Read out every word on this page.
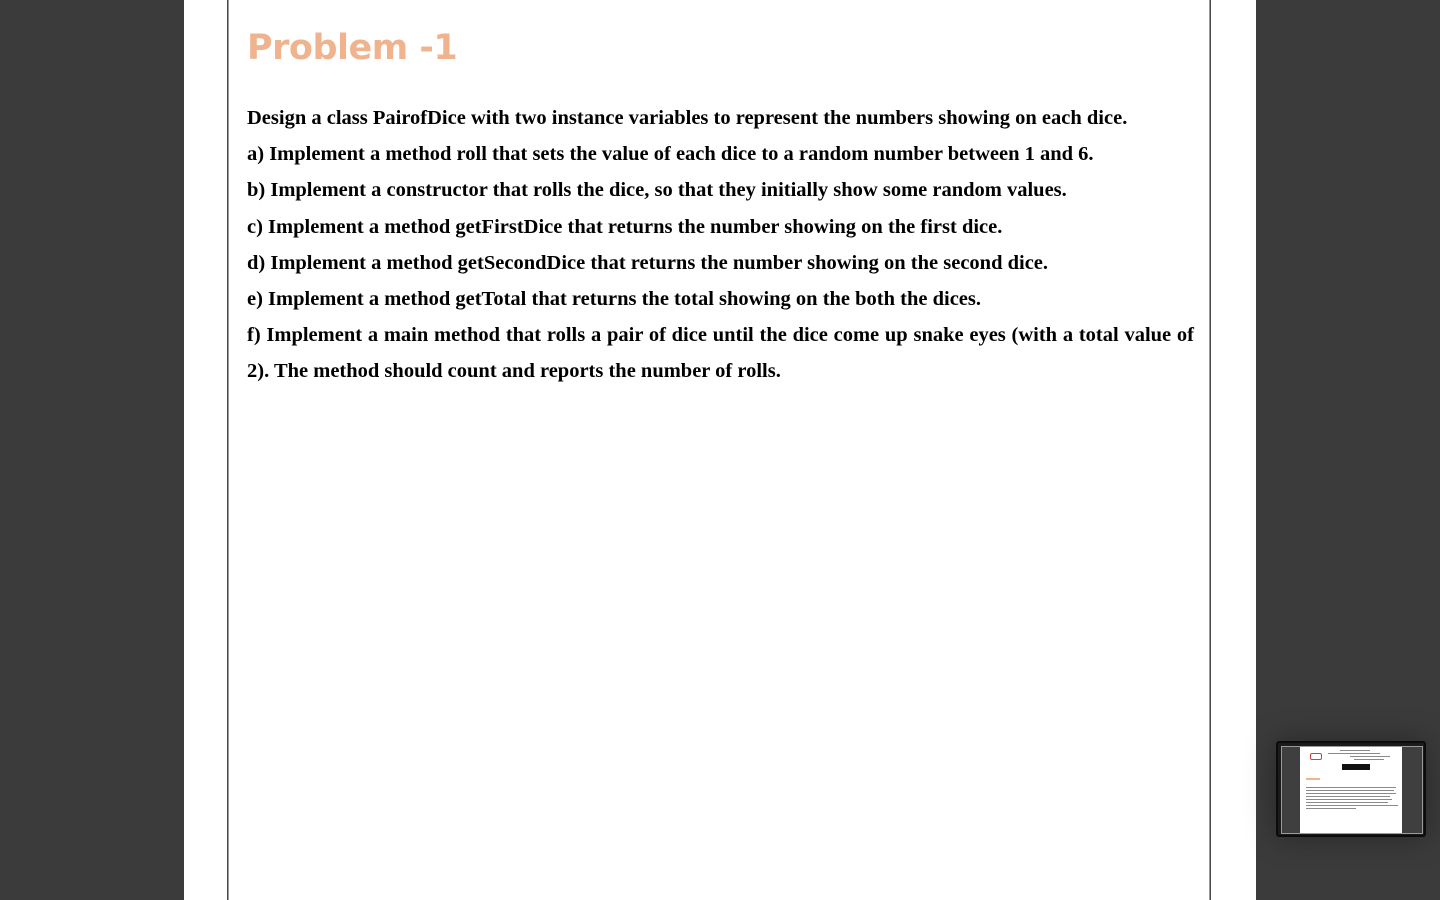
Problem -1

Design a class PairofDice with two instance variables to represent the numbers showing on each dice.

a) Implement a method roll that sets the value of each dice to a random number between 1 and 6.

b) Implement a constructor that rolls the dice, so that they initially show some random values.

c) Implement a method getFirstDice that returns the number showing on the first dice.

d) Implement a method getSecondDice that returns the number showing on the second dice.

e) Implement a method getTotal that returns the total showing on the both the dices.

f) Implement a main method that rolls a pair of dice until the dice come up snake eyes (with a total value of 2). The method should count and reports the number of rolls.
